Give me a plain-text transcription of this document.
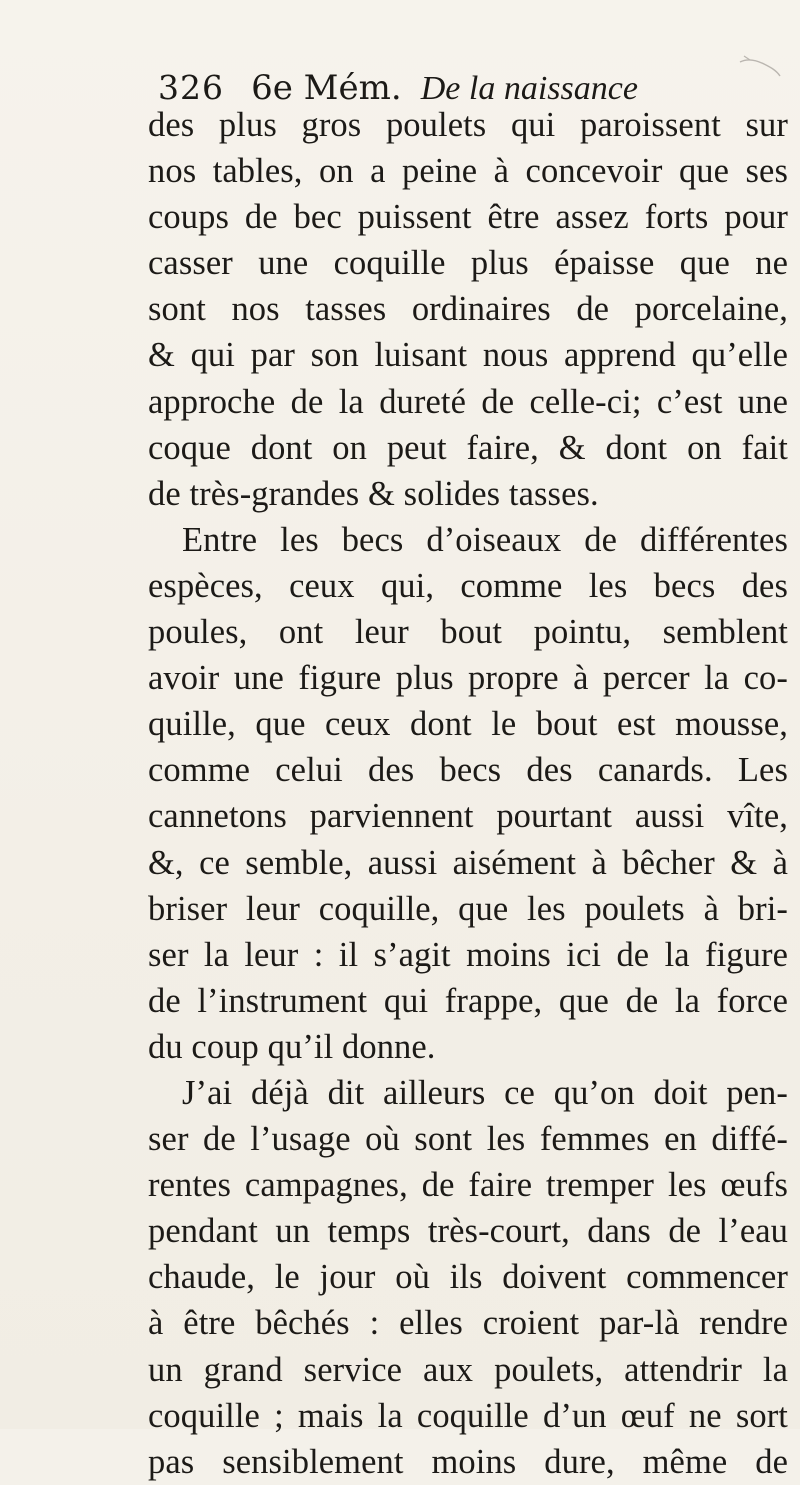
326 6e Mém. De la naissance
des plus gros poulets qui paroissent sur
nos tables, on a peine à concevoir que ses
coups de bec puissent être assez forts pour
casser une coquille plus épaisse que ne
sont nos tasses ordinaires de porcelaine,
& qui par son luisant nous apprend qu’elle
approche de la dureté de celle-ci; c’est une
coque dont on peut faire, & dont on fait
de très-grandes & solides tasses.
Entre les becs d’oiseaux de différentes
espèces, ceux qui, comme les becs des
poules, ont leur bout pointu, semblent
avoir une figure plus propre à percer la co-
quille, que ceux dont le bout est mousse,
comme celui des becs des canards. Les
cannetons parviennent pourtant aussi vîte,
&, ce semble, aussi aisément à bêcher & à
briser leur coquille, que les poulets à bri-
ser la leur : il s’agit moins ici de la figure
de l’instrument qui frappe, que de la force
du coup qu’il donne.
J’ai déjà dit ailleurs ce qu’on doit pen-
ser de l’usage où sont les femmes en diffé-
rentes campagnes, de faire tremper les œufs
pendant un temps très-court, dans de l’eau
chaude, le jour où ils doivent commencer
à être bêchés : elles croient par-là rendre
un grand service aux poulets, attendrir la
coquille ; mais la coquille d’un œuf ne sort
pas sensiblement moins dure, même de
